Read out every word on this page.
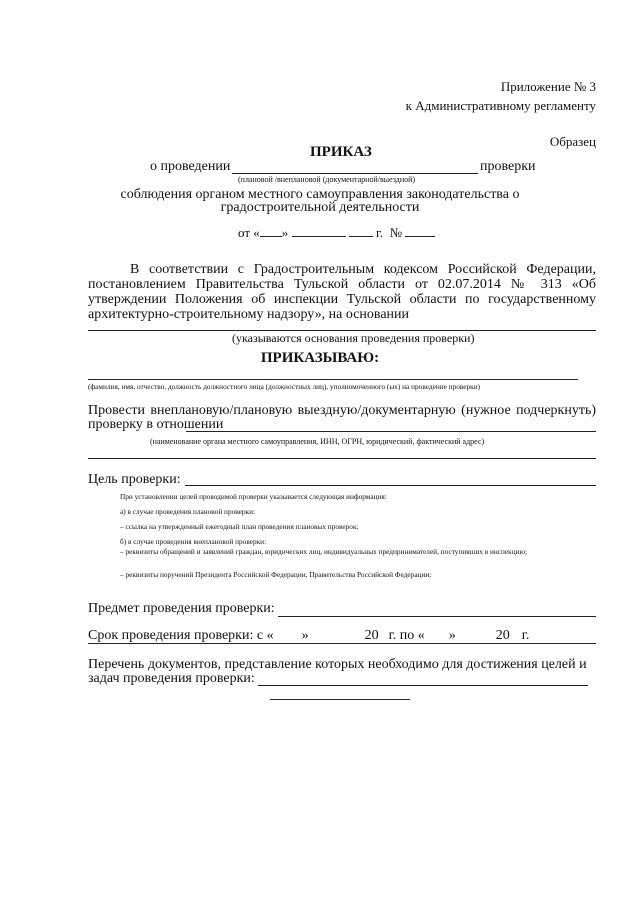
Приложение № 3
к Административному регламенту
Образец
ПРИКАЗ
о проведении	проверки
(плановой /внеплановой (документарной/выездной)
соблюдения органом местного самоуправления законодательства о
градостроительной деятельности
от « »	г. №
В соответствии с Градостроительным кодексом Российской Федерации, постановлением Правительства Тульской области от 02.07.2014 № 313 «Об утверждении Положения об инспекции Тульской области по государственному архитектурно-строительному надзору», на основании
(указываются основания проведения проверки)
ПРИКАЗЫВАЮ:
(фамилия, имя, отчество, должность должностного лица (должностных лиц), уполномоченного (ых) на проведение проверки)
Провести внеплановую/плановую выездную/документарную (нужное подчеркнуть) проверку в отношении
(наименование органа местного самоуправления, ИНН, ОГРН, юридический, фактический адрес)
Цель проверки:
При установлении целей проводимой проверки указывается следующая информация:
а) в случае проведения плановой проверки:
– ссылка на утвержденный ежегодный план проведения плановых проверок;
б) в случае проведения внеплановой проверки:
– реквизиты обращений и заявлений граждан, юридических лиц, индивидуальных предпринимателей, поступивших в инспекцию;
– реквизиты поручений Президента Российской Федерации, Правительства Российской Федерации;
Предмет проведения проверки:
Срок проведения проверки: с « »	20 г. по « »	20 г.
Перечень документов, представление которых необходимо для достижения целей и
задач проведения проверки:
